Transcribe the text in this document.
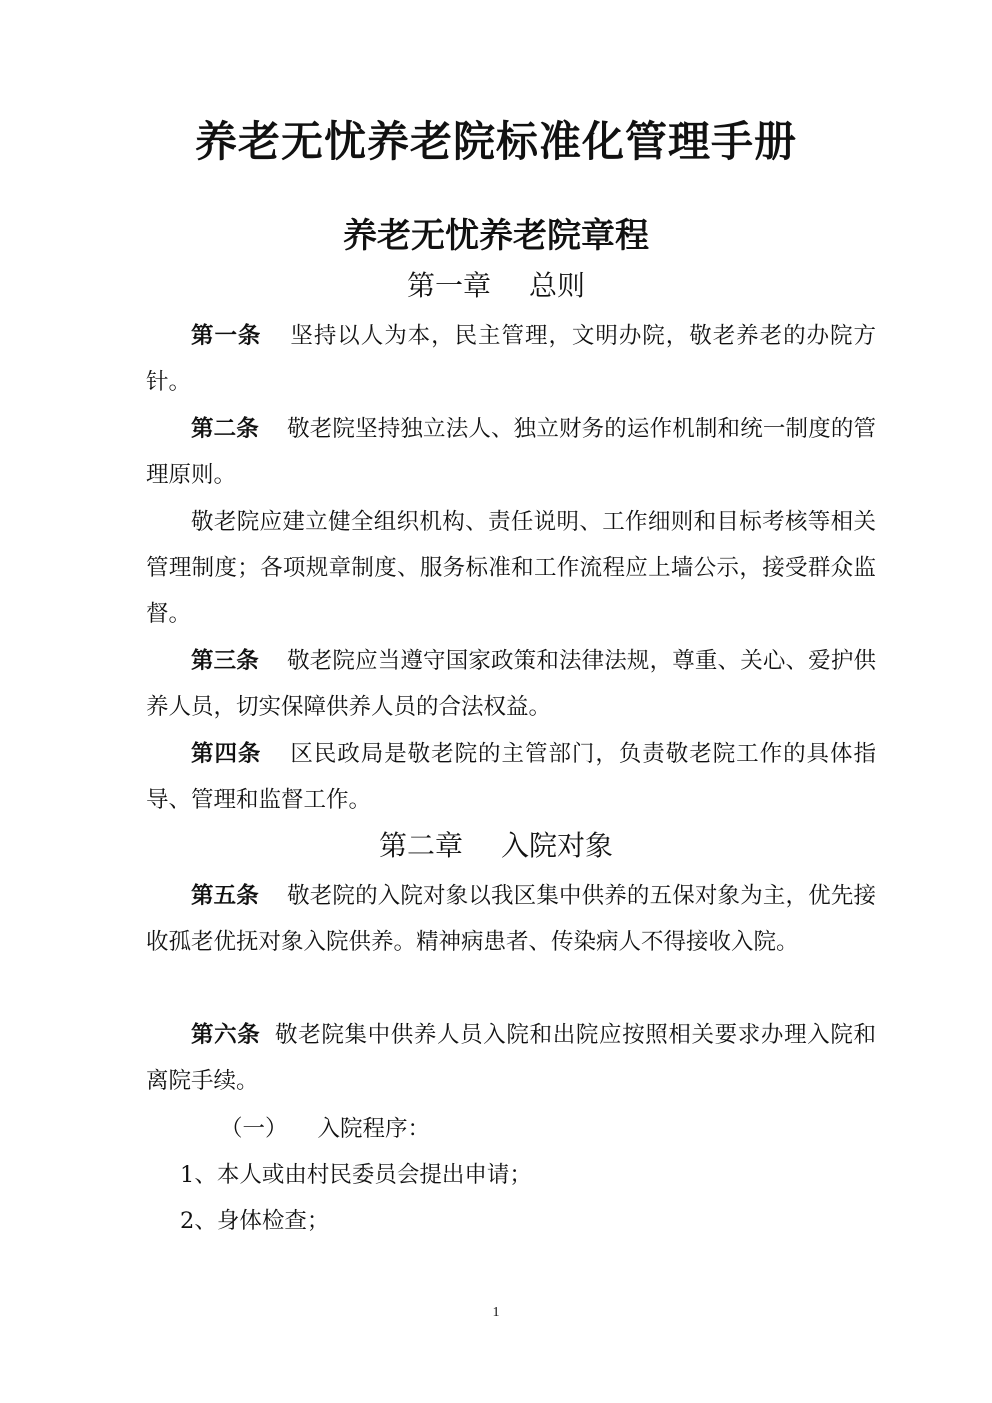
养老无忧养老院标准化管理手册
养老无忧养老院章程
第一章 总则

第一条 坚持以人为本，民主管理，文明办院，敬老养老的办院方针。

第二条 敬老院坚持独立法人、独立财务的运作机制和统一制度的管理原则。

敬老院应建立健全组织机构、责任说明、工作细则和目标考核等相关管理制度；各项规章制度、服务标准和工作流程应上墙公示，接受群众监督。

第三条 敬老院应当遵守国家政策和法律法规，尊重、关心、爱护供养人员，切实保障供养人员的合法权益。

第四条 区民政局是敬老院的主管部门，负责敬老院工作的具体指导、管理和监督工作。

第二章 入院对象

第五条 敬老院的入院对象以我区集中供养的五保对象为主，优先接收孤老优抚对象入院供养。精神病患者、传染病人不得接收入院。

第六条 敬老院集中供养人员入院和出院应按照相关要求办理入院和离院手续。

（一） 入院程序：

1、本人或由村民委员会提出申请；

2、身体检查；

1
